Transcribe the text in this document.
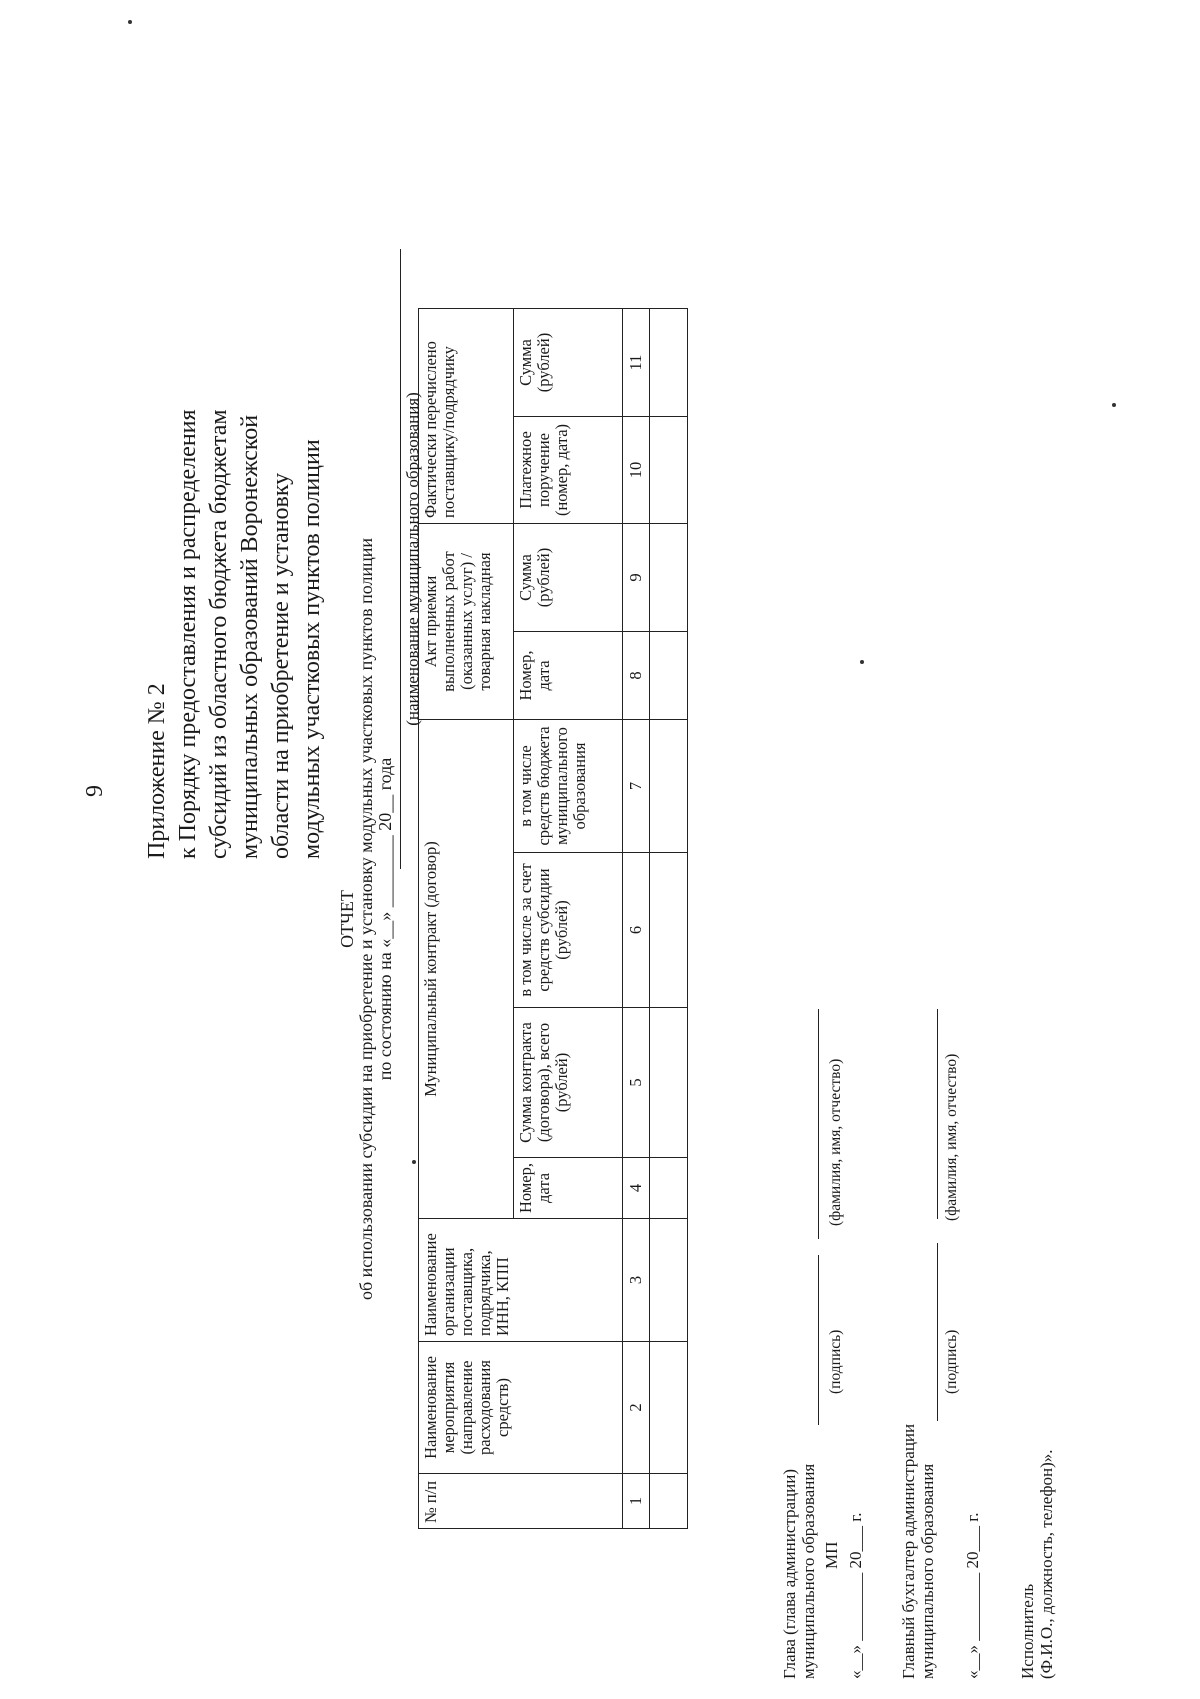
9 Приложение № 2 к Порядку предоставления и распределения субсидий из областного бюджета бюджетам муниципальных образований Воронежской области на приобретение и установку модульных участковых пунктов полиции
ОТЧЕТ об использовании субсидии на приобретение и установку модульных участковых пунктов полиции по состоянию на «__» ________ 20__ года
(наименование муниципального образования)
№ п/п	Наименование мероприятия (направление расходования средств)	Наименование организации поставщика, подрядчика, ИНН, КПП	Муниципальный контракт (договор)				Акт приемки выполненных работ (оказанных услуг) / товарная накладная		Фактически перечислено поставщику/подрядчику	
			Номер, дата	Сумма контракта (договора), всего (рублей)	в том числе за счет средств субсидии (рублей)	в том числе средств бюджета муниципального образования	Номер, дата	Сумма (рублей)	Платежное поручение (номер, дата)	Сумма (рублей)
1	2	3	4	5	6	7	8	9	10	11

Глава (глава администрации) муниципального образования
(подпись)
(фамилия, имя, отчество)
МП «__» ________ 20___ г. Главный бухгалтер администрации муниципального образования
(подпись)
(фамилия, имя, отчество)
«__» ________ 20___ г. Исполнитель (Ф.И.О., должность, телефон)».
